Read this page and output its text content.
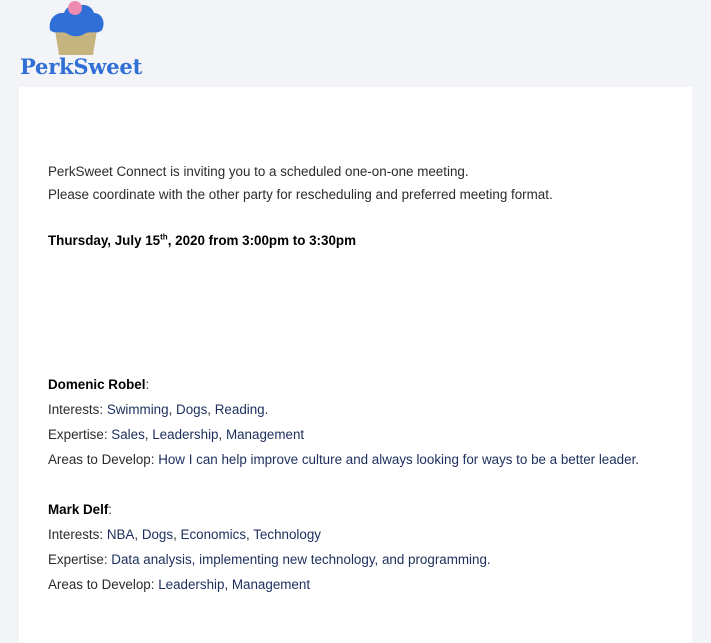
PerkSweet
PerkSweet Connect is inviting you to a scheduled one-on-one meeting.
Please coordinate with the other party for rescheduling and preferred meeting format.
Thursday, July 15th, 2020 from 3:00pm to 3:30pm
Domenic Robel:
Interests: Swimming, Dogs, Reading.
Expertise: Sales, Leadership, Management
Areas to Develop: How I can help improve culture and always looking for ways to be a better leader.
Mark Delf:
Interests: NBA, Dogs, Economics, Technology
Expertise: Data analysis, implementing new technology, and programming.
Areas to Develop: Leadership, Management
